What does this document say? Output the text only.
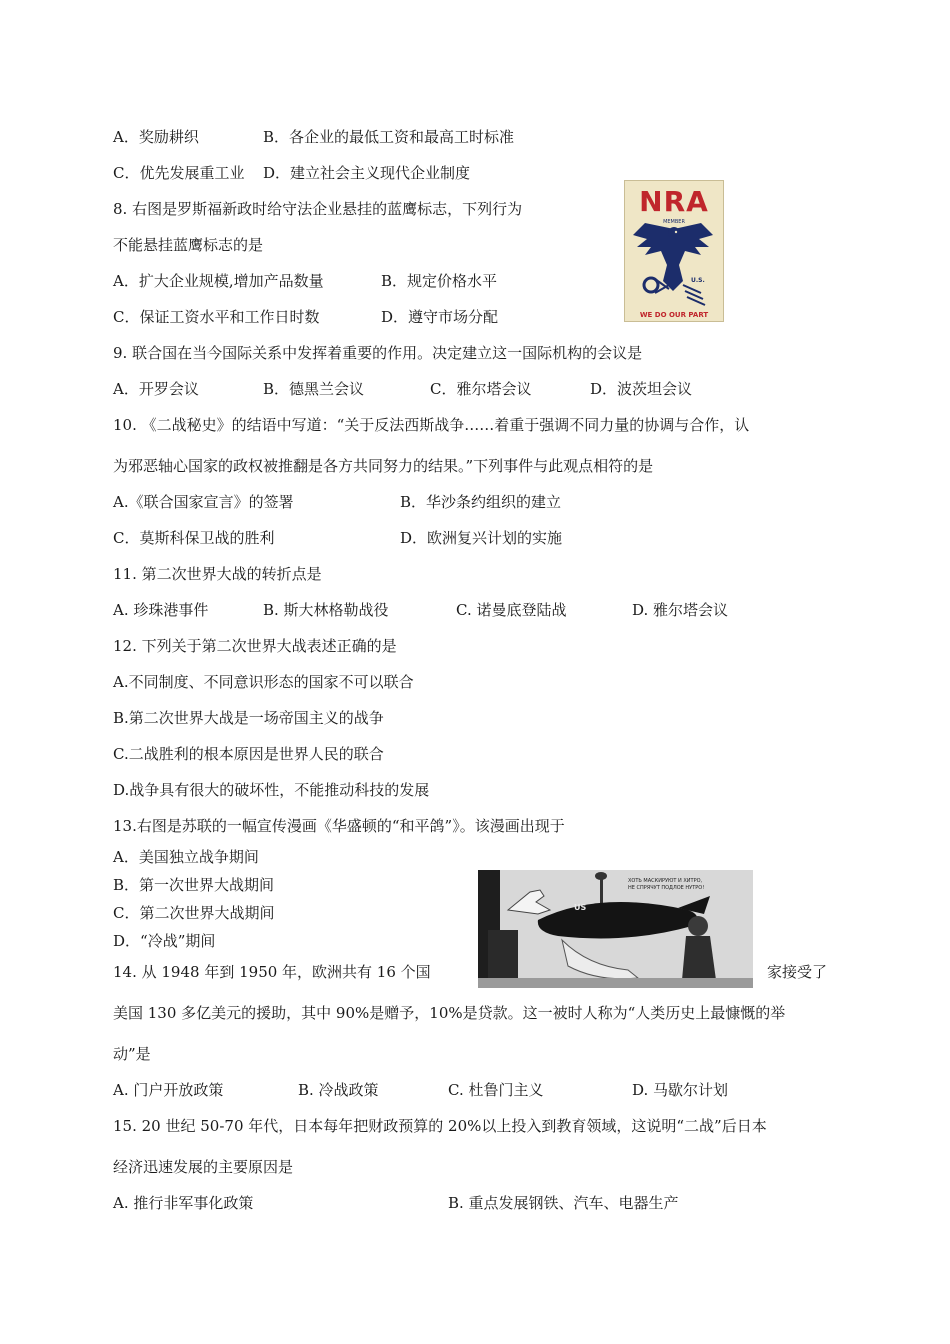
A．奖励耕织	B．各企业的最低工资和最高工时标准
C．优先发展重工业 D．建立社会主义现代企业制度
8. 右图是罗斯福新政时给守法企业悬挂的蓝鹰标志，下列行为
不能悬挂蓝鹰标志的是
A．扩大企业规模,增加产品数量	B．规定价格水平
C．保证工资水平和工作日时数	D．遵守市场分配
NRA
MEMBER
U.S.
WE DO OUR PART
9. 联合国在当今国际关系中发挥着重要的作用。决定建立这一国际机构的会议是
A．开罗会议	B．德黑兰会议	C．雅尔塔会议	D．波茨坦会议
10. 《二战秘史》的结语中写道：“关于反法西斯战争……着重于强调不同力量的协调与合作，认
为邪恶轴心国家的政权被推翻是各方共同努力的结果。”下列事件与此观点相符的是
A.《联合国家宣言》的签署	B．华沙条约组织的建立
C．莫斯科保卫战的胜利	D．欧洲复兴计划的实施
11. 第二次世界大战的转折点是
A. 珍珠港事件	B. 斯大林格勒战役	C. 诺曼底登陆战	D. 雅尔塔会议
12. 下列关于第二次世界大战表述正确的是
A.不同制度、不同意识形态的国家不可以联合
B.第二次世界大战是一场帝国主义的战争
C.二战胜利的根本原因是世界人民的联合
D.战争具有很大的破坏性，不能推动科技的发展
13.右图是苏联的一幅宣传漫画《华盛顿的“和平鸽”》。该漫画出现于
A．美国独立战争期间
B．第一次世界大战期间
C．第二次世界大战期间
D．“冷战”期间
ХОТЬ МАСКИРУЮТ И ХИТРО,
НЕ СПРЯЧУТ ПОДЛОЕ НУТРО!
US
14. 从 1948 年到 1950 年，欧洲共有 16 个国	家接受了
美国 130 多亿美元的援助，其中 90%是赠予，10%是贷款。这一被时人称为“人类历史上最慷慨的举
动”是
A. 门户开放政策	B. 冷战政策	C. 杜鲁门主义	D. 马歇尔计划
15. 20 世纪 50-70 年代，日本每年把财政预算的 20%以上投入到教育领域，这说明“二战”后日本
经济迅速发展的主要原因是
A. 推行非军事化政策	B. 重点发展钢铁、汽车、电器生产
